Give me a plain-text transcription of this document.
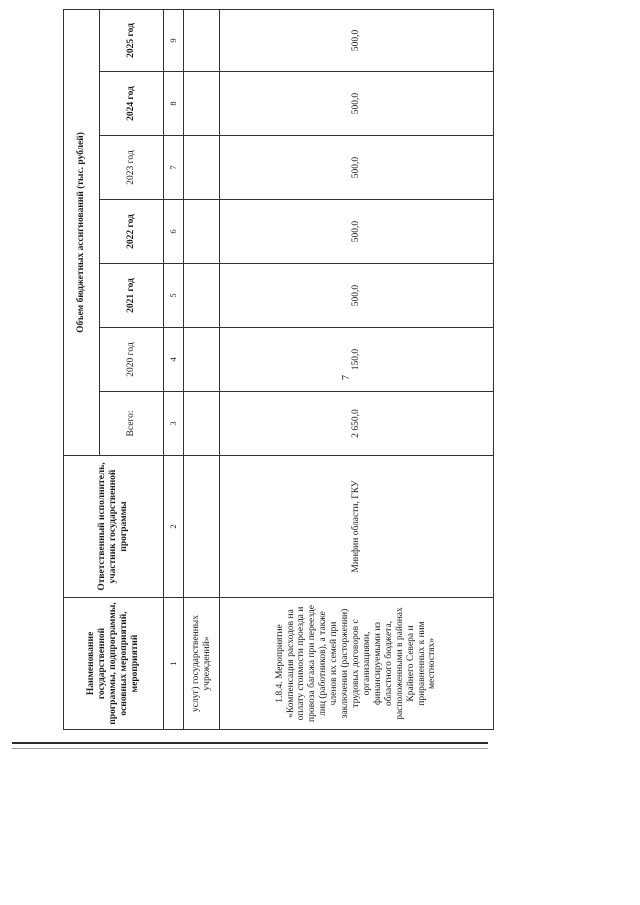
7
Наименование государственной программы, подпрограммы, основных мероприятий, мероприятий	Ответственный исполнитель, участник государственной программы	Объем бюджетных ассигнований (тыс. рублей)						
		Всего:	2020 год	2021 год	2022 год	2023 год	2024 год	2025 год
1	2	3	4	5	6	7	8	9
услуг) государственных учреждений»								
1.8.4. Мероприятие «Компенсация расходов на оплату стоимости проезда и провоза багажа при переезде лиц (работников), а также членов их семей при заключении (расторжении) трудовых договоров с организациями, финансируемыми из областного бюджета, расположенными в районах Крайнего Севера и приравненных к ним местностях»	Минфин области, ГКУ	2 650,0	150,0	500,0	500,0	500,0	500,0	500,0
